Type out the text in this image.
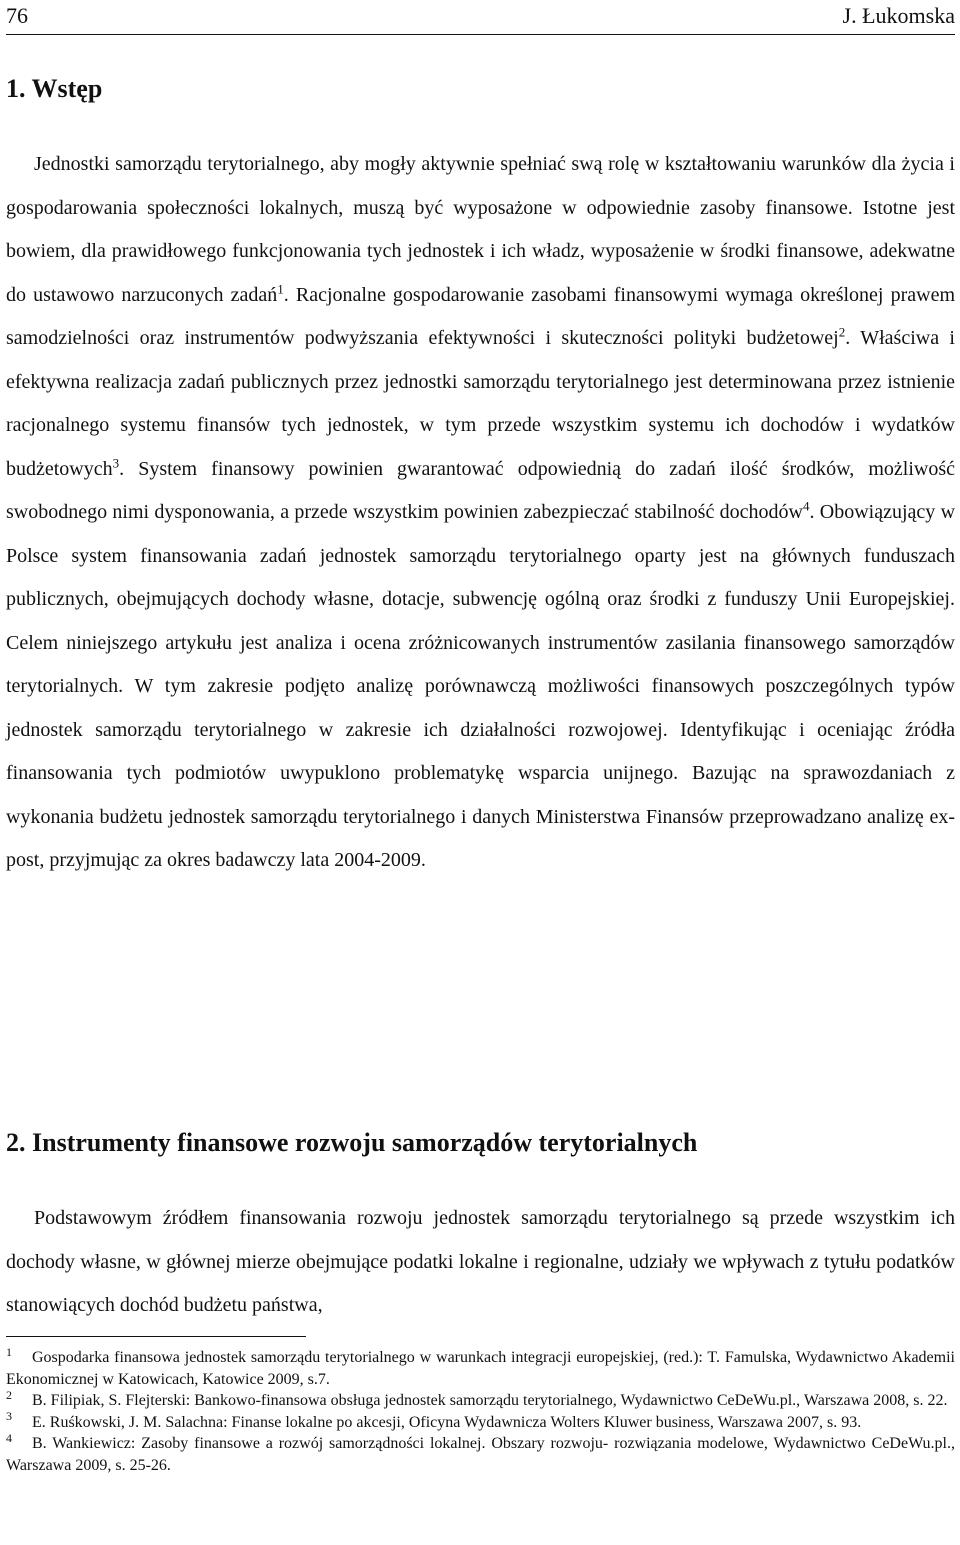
76	J. Łukomska
1. Wstęp

Jednostki samorządu terytorialnego, aby mogły aktywnie spełniać swą rolę w kształtowaniu warunków dla życia i gospodarowania społeczności lokalnych, muszą być wyposażone w odpowiednie zasoby finansowe. Istotne jest bowiem, dla prawidłowego funkcjonowania tych jednostek i ich władz, wyposażenie w środki finansowe, adekwatne do ustawowo narzuconych zadań$^1$. Racjonalne gospodarowanie zasobami finansowymi wymaga określonej prawem samodzielności oraz instrumentów podwyższania efektywności i skuteczności polityki budżetowej$^2$. Właściwa i efektywna realizacja zadań publicznych przez jednostki samorządu terytorialnego jest determinowana przez istnienie racjonalnego systemu finansów tych jednostek, w tym przede wszystkim systemu ich dochodów i wydatków budżetowych$^3$. System finansowy powinien gwarantować odpowiednią do zadań ilość środków, możliwość swobodnego nimi dysponowania, a przede wszystkim powinien zabezpieczać stabilność dochodów$^4$. Obowiązujący w Polsce system finansowania zadań jednostek samorządu terytorialnego oparty jest na głównych funduszach publicznych, obejmujących dochody własne, dotacje, subwencję ogólną oraz środki z funduszy Unii Europejskiej. Celem niniejszego artykułu jest analiza i ocena zróżnicowanych instrumentów zasilania finansowego samorządów terytorialnych. W tym zakresie podjęto analizę porównawczą możliwości finansowych poszczególnych typów jednostek samorządu terytorialnego w zakresie ich działalności rozwojowej. Identyfikując i oceniając źródła finansowania tych podmiotów uwypuklono problematykę wsparcia unijnego. Bazując na sprawozdaniach z wykonania budżetu jednostek samorządu terytorialnego i danych Ministerstwa Finansów przeprowadzano analizę ex-post, przyjmując za okres badawczy lata 2004-2009.

2. Instrumenty finansowe rozwoju samorządów terytorialnych

Podstawowym źródłem finansowania rozwoju jednostek samorządu terytorialnego są przede wszystkim ich dochody własne, w głównej mierze obejmujące podatki lokalne i regionalne, udziały we wpływach z tytułu podatków stanowiących dochód budżetu państwa,

$^1$ Gospodarka finansowa jednostek samorządu terytorialnego w warunkach integracji europejskiej, (red.): T. Famulska, Wydawnictwo Akademii Ekonomicznej w Katowicach, Katowice 2009, s.7.

$^2$ B. Filipiak, S. Flejterski: Bankowo-finansowa obsługa jednostek samorządu terytorialnego, Wydawnictwo CeDeWu.pl., Warszawa 2008, s. 22.

$^3$ E. Ruśkowski, J. M. Salachna: Finanse lokalne po akcesji, Oficyna Wydawnicza Wolters Kluwer business, Warszawa 2007, s. 93.

$^4$ B. Wankiewicz: Zasoby finansowe a rozwój samorządności lokalnej. Obszary rozwoju- rozwiązania modelowe, Wydawnictwo CeDeWu.pl., Warszawa 2009, s. 25-26.
